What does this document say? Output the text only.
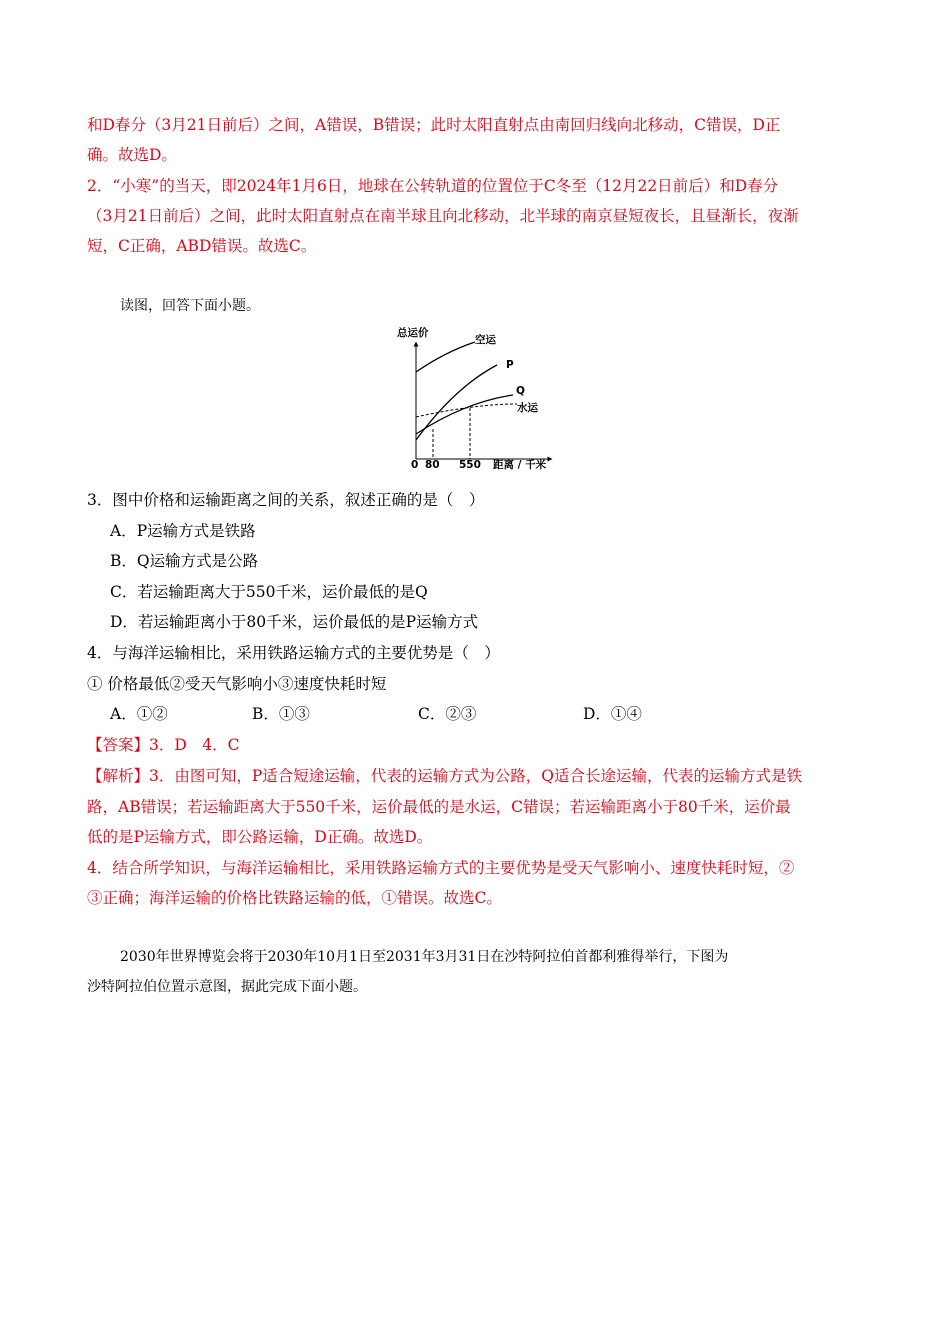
和D春分（3月21日前后）之间，A错误，B错误；此时太阳直射点由南回归线向北移动，C错误，D正
确。故选D。
2．“小寒”的当天，即2024年1月6日，地球在公转轨道的位置位于C冬至（12月22日前后）和D春分
（3月21日前后）之间，此时太阳直射点在南半球且向北移动，北半球的南京昼短夜长，且昼渐长，夜渐
短，C正确，ABD错误。故选C。
读图，回答下面小题。
总运价
空运
P
Q
水运
0 80 550 距离 / 千米
3．图中价格和运输距离之间的关系，叙述正确的是（　）
A．P运输方式是铁路
B．Q运输方式是公路
C．若运输距离大于550千米，运价最低的是Q
D．若运输距离小于80千米，运价最低的是P运输方式
4．与海洋运输相比，采用铁路运输方式的主要优势是（　）
① 价格最低②受天气影响小③速度快耗时短
A．①②	B．①③	C．②③	D．①④
【答案】3．D　4．C
【解析】3．由图可知，P适合短途运输，代表的运输方式为公路，Q适合长途运输，代表的运输方式是铁
路，AB错误；若运输距离大于550千米，运价最低的是水运，C错误；若运输距离小于80千米，运价最
低的是P运输方式，即公路运输，D正确。故选D。
4．结合所学知识，与海洋运输相比，采用铁路运输方式的主要优势是受天气影响小、速度快耗时短，②
③正确；海洋运输的价格比铁路运输的低，①错误。故选C。
2030年世界博览会将于2030年10月1日至2031年3月31日在沙特阿拉伯首都利雅得举行，下图为
沙特阿拉伯位置示意图，据此完成下面小题。
